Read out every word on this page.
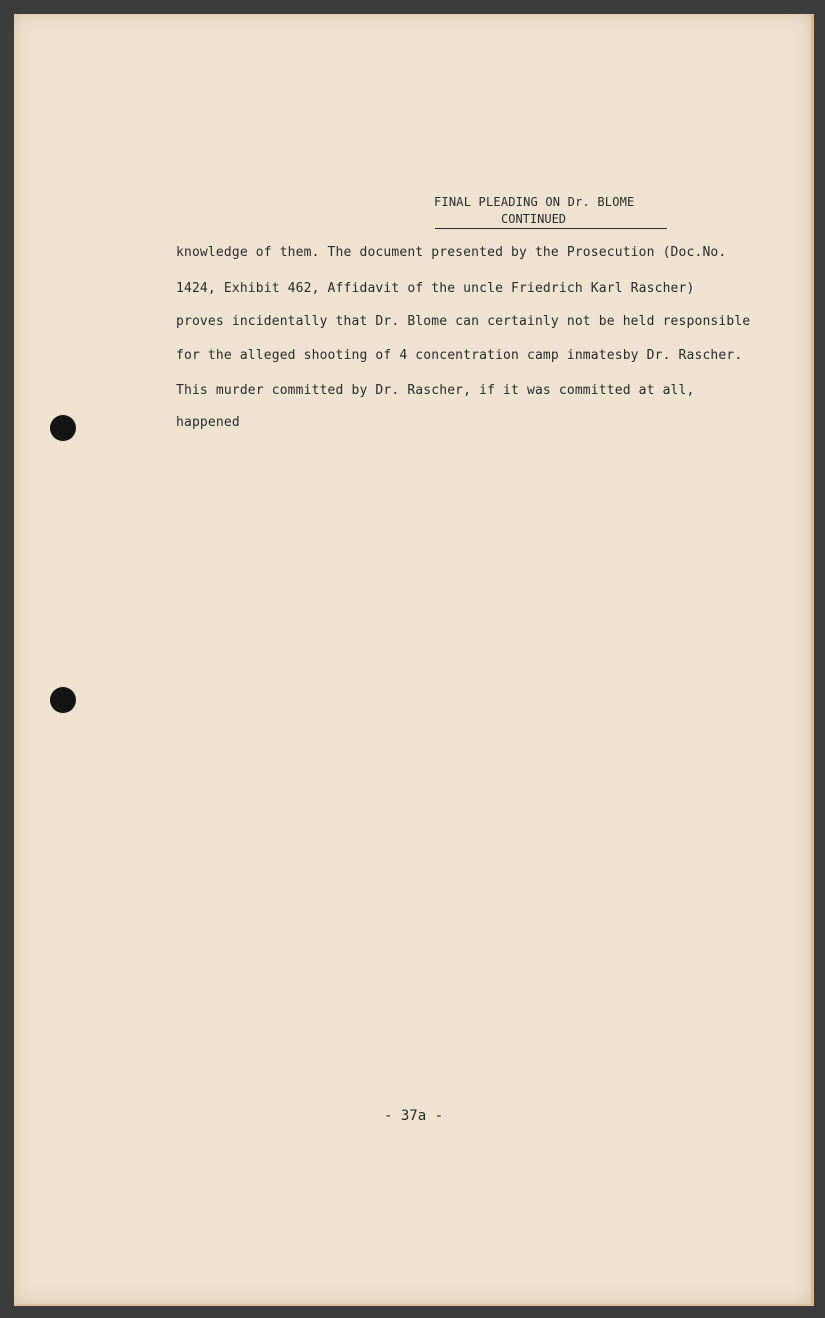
FINAL PLEADING ON Dr. BLOME
CONTINUED
knowledge of them. The document presented by the Prosecution (Doc.No.
1424, Exhibit 462, Affidavit of the uncle Friedrich Karl Rascher)
proves incidentally that Dr. Blome can certainly not be held responsible
for the alleged shooting of 4 concentration camp inmatesby Dr. Rascher.
This murder committed by Dr. Rascher, if it was committed at all,
happened
- 37a -
